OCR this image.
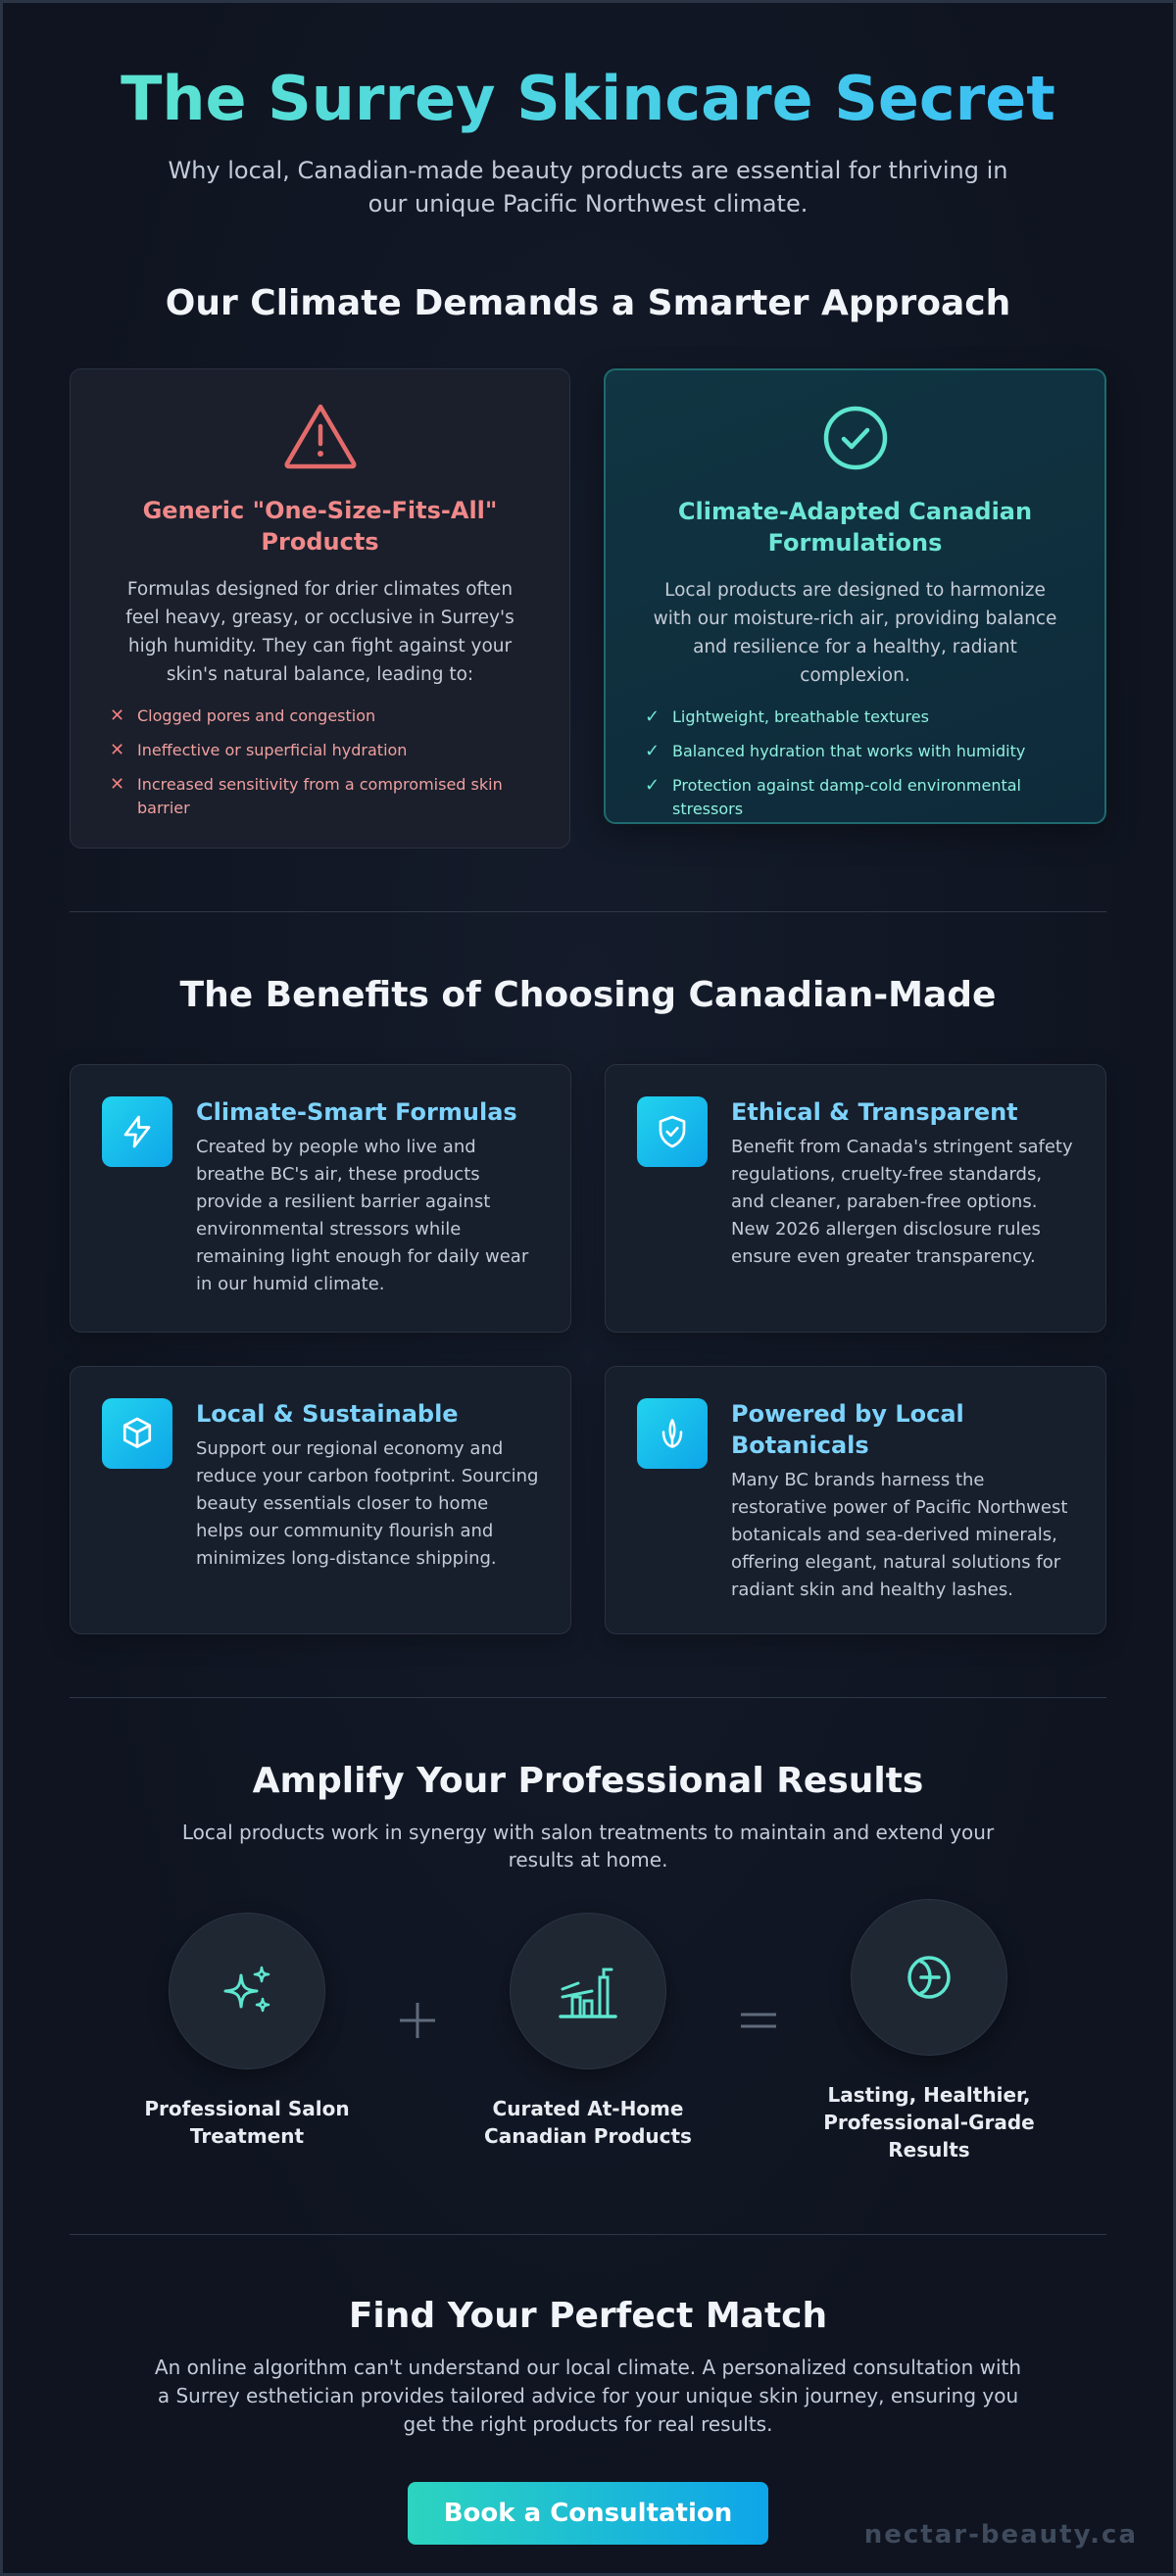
The Surrey Skincare Secret

Why local, Canadian-made beauty products are essential for thriving in our unique Pacific Northwest climate.

Our Climate Demands a Smarter Approach
Generic "One-Size-Fits-All" Products

Formulas designed for drier climates often feel heavy, greasy, or occlusive in Surrey's high humidity. They can fight against your skin's natural balance, leading to:

✕ Clogged pores and congestion
✕ Ineffective or superficial hydration
✕ Increased sensitivity from a compromised skin barrier
Climate-Adapted Canadian Formulations

Local products are designed to harmonize with our moisture-rich air, providing balance and resilience for a healthy, radiant complexion.

✓ Lightweight, breathable textures
✓ Balanced hydration that works with humidity
✓ Protection against damp-cold environmental stressors
The Benefits of Choosing Canadian-Made
Climate-Smart Formulas

Created by people who live and breathe BC's air, these products provide a resilient barrier against environmental stressors while remaining light enough for daily wear in our humid climate.

Ethical & Transparent

Benefit from Canada's stringent safety regulations, cruelty-free standards, and cleaner, paraben-free options. New 2026 allergen disclosure rules ensure even greater transparency.

Local & Sustainable

Support our regional economy and reduce your carbon footprint. Sourcing beauty essentials closer to home helps our community flourish and minimizes long-distance shipping.

Powered by Local Botanicals

Many BC brands harness the restorative power of Pacific Northwest botanicals and sea-derived minerals, offering elegant, natural solutions for radiant skin and healthy lashes.

Amplify Your Professional Results

Local products work in synergy with salon treatments to maintain and extend your results at home.

Professional Salon Treatment
Curated At-Home Canadian Products
Lasting, Healthier, Professional-Grade Results
Find Your Perfect Match

An online algorithm can't understand our local climate. A personalized consultation with a Surrey esthetician provides tailored advice for your unique skin journey, ensuring you get the right products for real results.

Book a Consultation
nectar-beauty.ca
